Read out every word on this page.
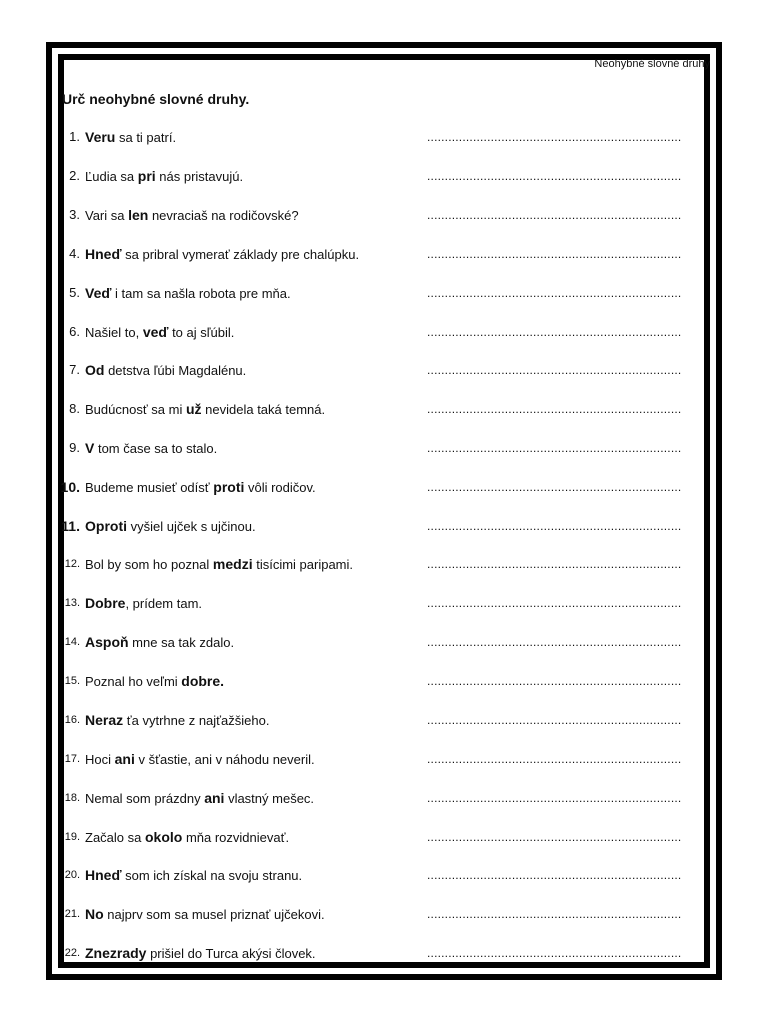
Neohybné slovné druhy
Urč neohybné slovné druhy.
1. Veru sa ti patrí.	........................................................................
2. Ľudia sa pri nás pristavujú.	........................................................................
3. Vari sa len nevraciaš na rodičovské?	........................................................................
4. Hneď sa pribral vymerať základy pre chalúpku.	........................................................................
5. Veď i tam sa našla robota pre mňa.	........................................................................
6. Našiel to, veď to aj sľúbil.	........................................................................
7. Od detstva ľúbi Magdalénu.	........................................................................
8. Budúcnosť sa mi už nevidela taká temná.	........................................................................
9. V tom čase sa to stalo.	........................................................................
10. Budeme musieť odísť proti vôli rodičov.	........................................................................
11. Oproti vyšiel ujček s ujčinou.	........................................................................
12. Bol by som ho poznal medzi tisícimi paripami.	........................................................................
13. Dobre, prídem tam.	........................................................................
14. Aspoň mne sa tak zdalo.	........................................................................
15. Poznal ho veľmi dobre.	........................................................................
16. Neraz ťa vytrhne z najťažšieho.	........................................................................
17. Hoci ani v šťastie, ani v náhodu neveril.	........................................................................
18. Nemal som prázdny ani vlastný mešec.	........................................................................
19. Začalo sa okolo mňa rozvidnievať.	........................................................................
20. Hneď som ich získal na svoju stranu.	........................................................................
21. No najprv som sa musel priznať ujčekovi.	........................................................................
22. Znezrady prišiel do Turca akýsi človek.	........................................................................
